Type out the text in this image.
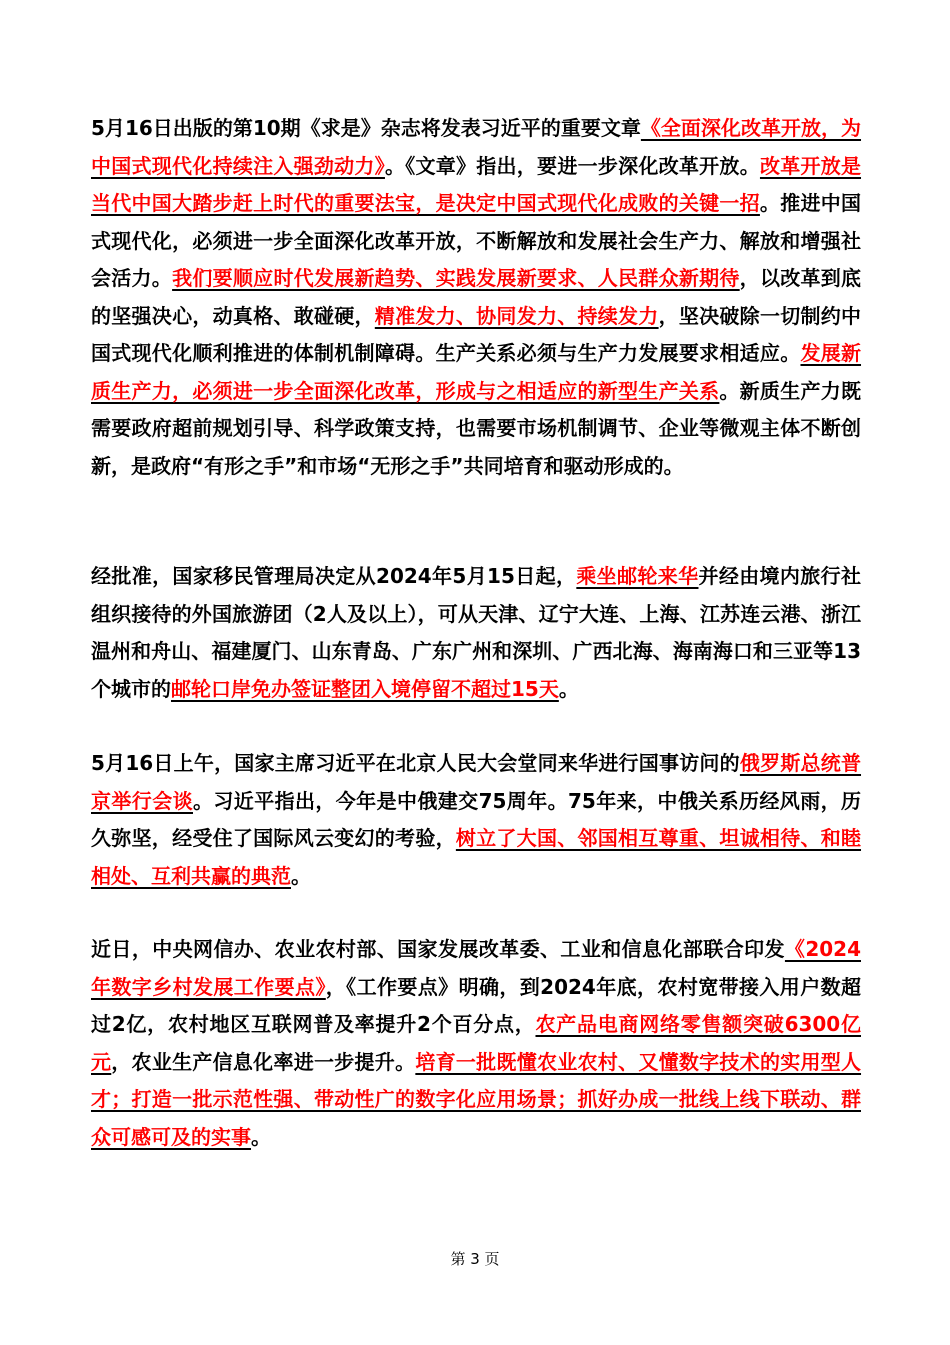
5月16日出版的第10期《求是》杂志将发表习近平的重要文章《全面深化改革开放，为中国式现代化持续注入强劲动力》。《文章》指出，要进一步深化改革开放。改革开放是当代中国大踏步赶上时代的重要法宝，是决定中国式现代化成败的关键一招。推进中国式现代化，必须进一步全面深化改革开放，不断解放和发展社会生产力、解放和增强社会活力。我们要顺应时代发展新趋势、实践发展新要求、人民群众新期待，以改革到底的坚强决心，动真格、敢碰硬，精准发力、协同发力、持续发力，坚决破除一切制约中国式现代化顺利推进的体制机制障碍。生产关系必须与生产力发展要求相适应。发展新质生产力，必须进一步全面深化改革，形成与之相适应的新型生产关系。新质生产力既需要政府超前规划引导、科学政策支持，也需要市场机制调节、企业等微观主体不断创新，是政府“有形之手”和市场“无形之手”共同培育和驱动形成的。

经批准，国家移民管理局决定从2024年5月15日起，乘坐邮轮来华并经由境内旅行社组织接待的外国旅游团（2人及以上），可从天津、辽宁大连、上海、江苏连云港、浙江温州和舟山、福建厦门、山东青岛、广东广州和深圳、广西北海、海南海口和三亚等13个城市的邮轮口岸免办签证整团入境停留不超过15天。

5月16日上午，国家主席习近平在北京人民大会堂同来华进行国事访问的俄罗斯总统普京举行会谈。习近平指出，今年是中俄建交75周年。75年来，中俄关系历经风雨，历久弥坚，经受住了国际风云变幻的考验，树立了大国、邻国相互尊重、坦诚相待、和睦相处、互利共赢的典范。

近日，中央网信办、农业农村部、国家发展改革委、工业和信息化部联合印发《2024年数字乡村发展工作要点》，《工作要点》明确，到2024年底，农村宽带接入用户数超过2亿，农村地区互联网普及率提升2个百分点，农产品电商网络零售额突破6300亿元，农业生产信息化率进一步提升。培育一批既懂农业农村、又懂数字技术的实用型人才；打造一批示范性强、带动性广的数字化应用场景；抓好办成一批线上线下联动、群众可感可及的实事。

第 3 页
